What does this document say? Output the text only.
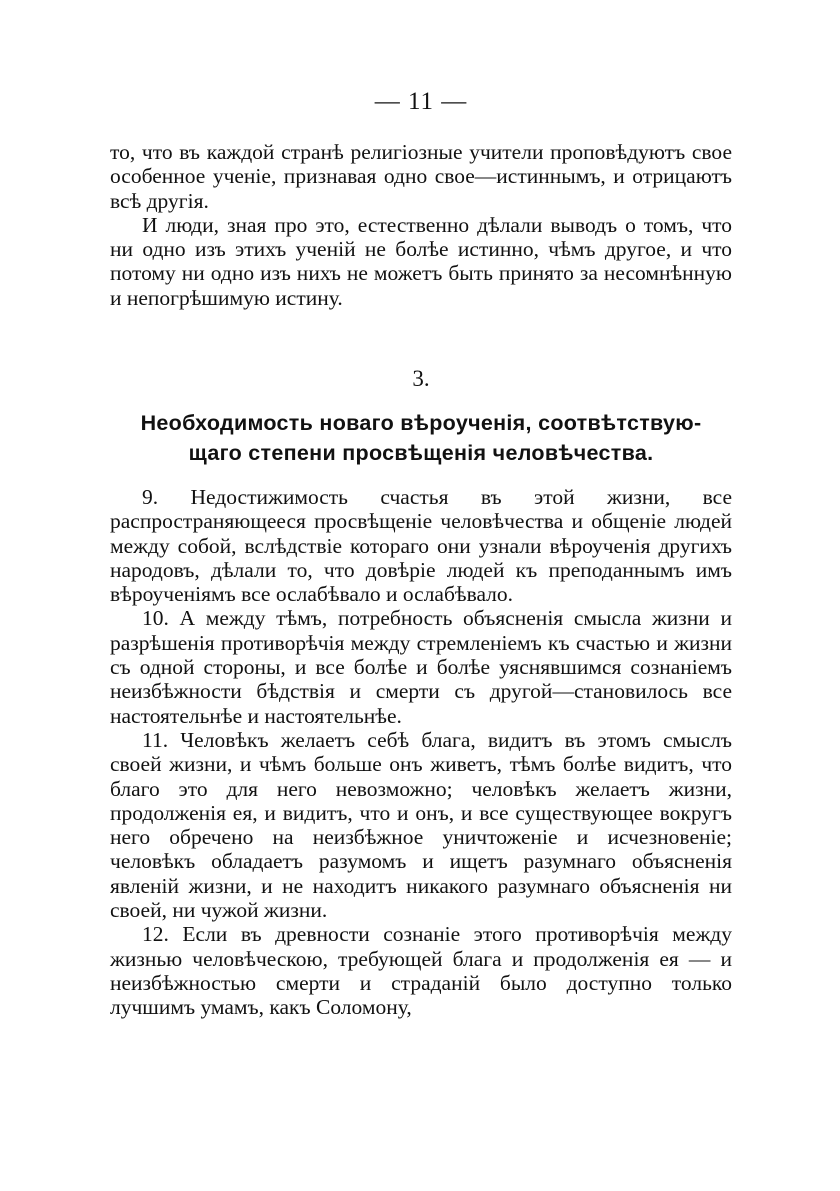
— 11 —

то, что въ каждой странѣ религіозные учители проповѣдуютъ свое особенное ученіе, признавая одно свое—истиннымъ, и отрицаютъ всѣ другія.

И люди, зная про это, естественно дѣлали выводъ о томъ, что ни одно изъ этихъ ученій не болѣе истинно, чѣмъ другое, и что потому ни одно изъ нихъ не можетъ быть принято за несомнѣнную и непогрѣшимую истину.

3.
Необходимость новаго вѣроученія, соотвѣтствую-
щаго степени просвѣщенія человѣчества.

9. Недостижимость счастья въ этой жизни, все распространяющееся просвѣщеніе человѣчества и общеніе людей между собой, вслѣдствіе котораго они узнали вѣроученія другихъ народовъ, дѣлали то, что довѣріе людей къ преподаннымъ имъ вѣроученіямъ все ослабѣвало и ослабѣвало.

10. А между тѣмъ, потребность объясненія смысла жизни и разрѣшенія противорѣчія между стремленіемъ къ счастью и жизни съ одной стороны, и все болѣе и болѣе уяснявшимся сознаніемъ неизбѣжности бѣдствія и смерти съ другой—становилось все настоятельнѣе и настоятельнѣе.

11. Человѣкъ желаетъ себѣ блага, видитъ въ этомъ смыслъ своей жизни, и чѣмъ больше онъ живетъ, тѣмъ болѣе видитъ, что благо это для него невозможно; человѣкъ желаетъ жизни, продолженія ея, и видитъ, что и онъ, и все существующее вокругъ него обречено на неизбѣжное уничтоженіе и исчезновеніе; человѣкъ обладаетъ разумомъ и ищетъ разумнаго объясненія явленій жизни, и не находитъ никакого разумнаго объясненія ни своей, ни чужой жизни.

12. Если въ древности сознаніе этого противорѣчія между жизнью человѣческою, требующей блага и продолженія ея — и неизбѣжностью смерти и страданій было доступно только лучшимъ умамъ, какъ Соломону,
